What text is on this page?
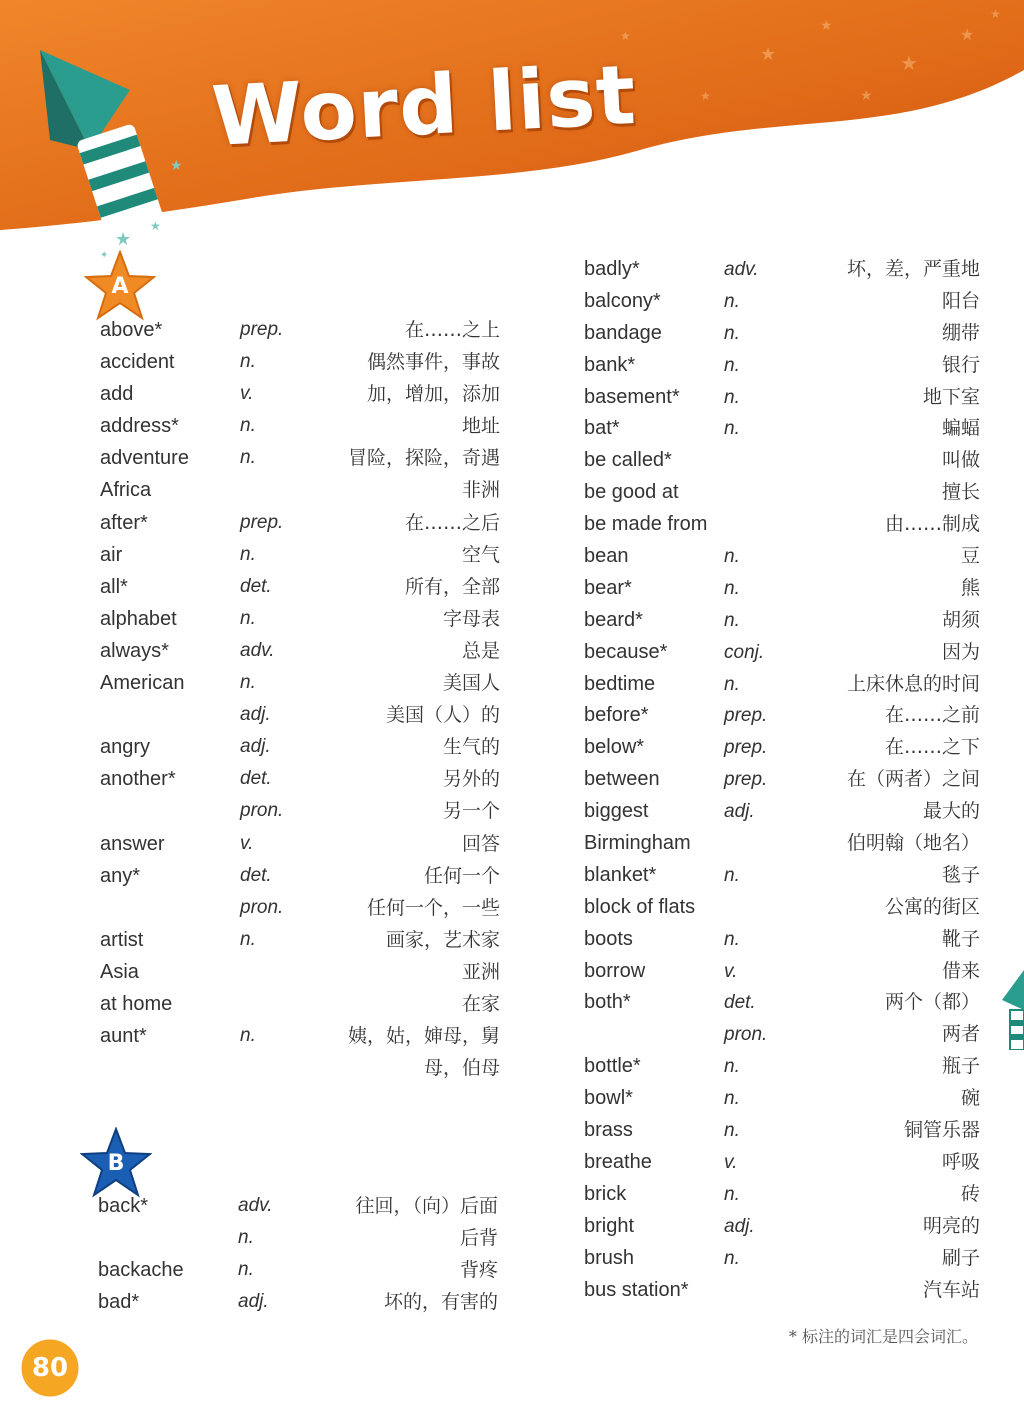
★
★
★
★
★	★
★
★
★
★
★
✦
Word list
A
B
above*	prep.	在……之上
accident	n.	偶然事件，事故
add	v.	加，增加，添加
address*	n.	地址
adventure	n.	冒险，探险，奇遇
Africa	非洲
after*	prep.	在……之后
air	n.	空气
all*	det.	所有，全部
alphabet	n.	字母表
always*	adv.	总是
American	n.	美国人
adj.	美国（人）的
angry	adj.	生气的
another*	det.	另外的
pron.	另一个
answer	v.	回答
any*	det.	任何一个
pron.	任何一个，一些
artist	n.	画家，艺术家
Asia	亚洲
at home	在家
aunt*	n.	姨，姑，婶母，舅母，伯母
back*	adv.	往回，（向）后面
n.	后背
backache	n.	背疼
bad*	adj.	坏的，有害的
badly*	adv.	坏，差，严重地
balcony*	n.	阳台
bandage	n.	绷带
bank*	n.	银行
basement* n.	地下室
bat*	n.	蝙蝠
be called*	叫做
be good at	擅长
be made from	由……制成
bean	n.	豆
bear*	n.	熊
beard*	n.	胡须
because*	conj.	因为
bedtime	n.	上床休息的时间
before*	prep.	在……之前
below*	prep.	在……之下
between	prep.	在（两者）之间
biggest	adj.	最大的
Birmingham	伯明翰（地名）
blanket*	n.	毯子
block of flats	公寓的街区
boots	n.	靴子
borrow	v.	借来
both*	det.	两个（都）
pron.	两者
bottle*	n.	瓶子
bowl*	n.	碗
brass	n.	铜管乐器
breathe	v.	呼吸
brick	n.	砖
bright	adj.	明亮的
brush	n.	刷子
bus station*	汽车站
* 标注的词汇是四会词汇。
80
